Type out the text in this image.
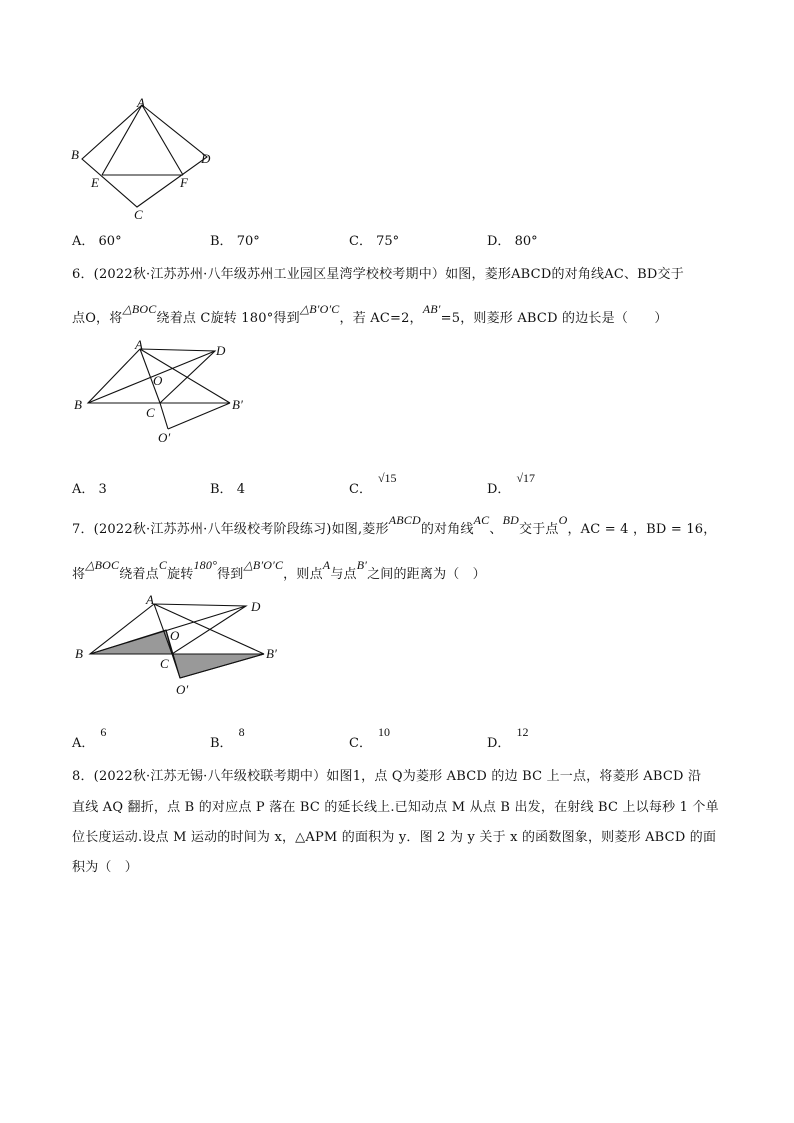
A
B
E	F
C
D
A． 60°	B． 70°	C． 75°	D． 80°
6．(2022秋·江苏苏州·八年级苏州工业园区星湾学校校考期中）如图，菱形ABCD的对角线AC、BD交于
点O，将△BOC绕着点 C旋转 180°得到△B′O′C，若 AC=2，AB′=5，则菱形 ABCD 的边长是（　　）
A	D
O
B
C
B′
O′
A． 3	B． 4	C．√15
D．√17
7．(2022秋·江苏苏州·八年级校考阶段练习)如图,菱形ABCD的对角线AC、BD交于点O，AC = 4 ，BD = 16，
将△BOC绕着点C旋转180°得到△B′O′C，则点A与点B′之间的距离为（　）
A	D
O
B
C
B′
O′
A．6
B．8
C．10
D．12
8．(2022秋·江苏无锡·八年级校联考期中）如图1，点 Q为菱形 ABCD 的边 BC 上一点，将菱形 ABCD 沿
直线 AQ 翻折，点 B 的对应点 P 落在 BC 的延长线上.已知动点 M 从点 B 出发，在射线 BC 上以每秒 1 个单
位长度运动.设点 M 运动的时间为 x，△APM 的面积为 y．图 2 为 y 关于 x 的函数图象，则菱形 ABCD 的面
积为（　）
